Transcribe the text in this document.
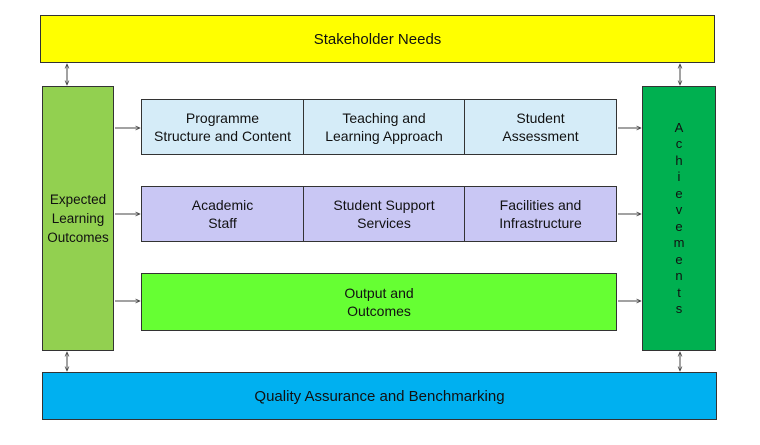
Stakeholder Needs
Expected
Learning
Outcomes
Programme
Structure and Content
Teaching and
Learning Approach
Student
Assessment
Academic
Staff
Student Support
Services
Facilities and
Infrastructure
Output and
Outcomes
A
c
h
i
e
v
e
m
e
n
t
s
Quality Assurance and Benchmarking
